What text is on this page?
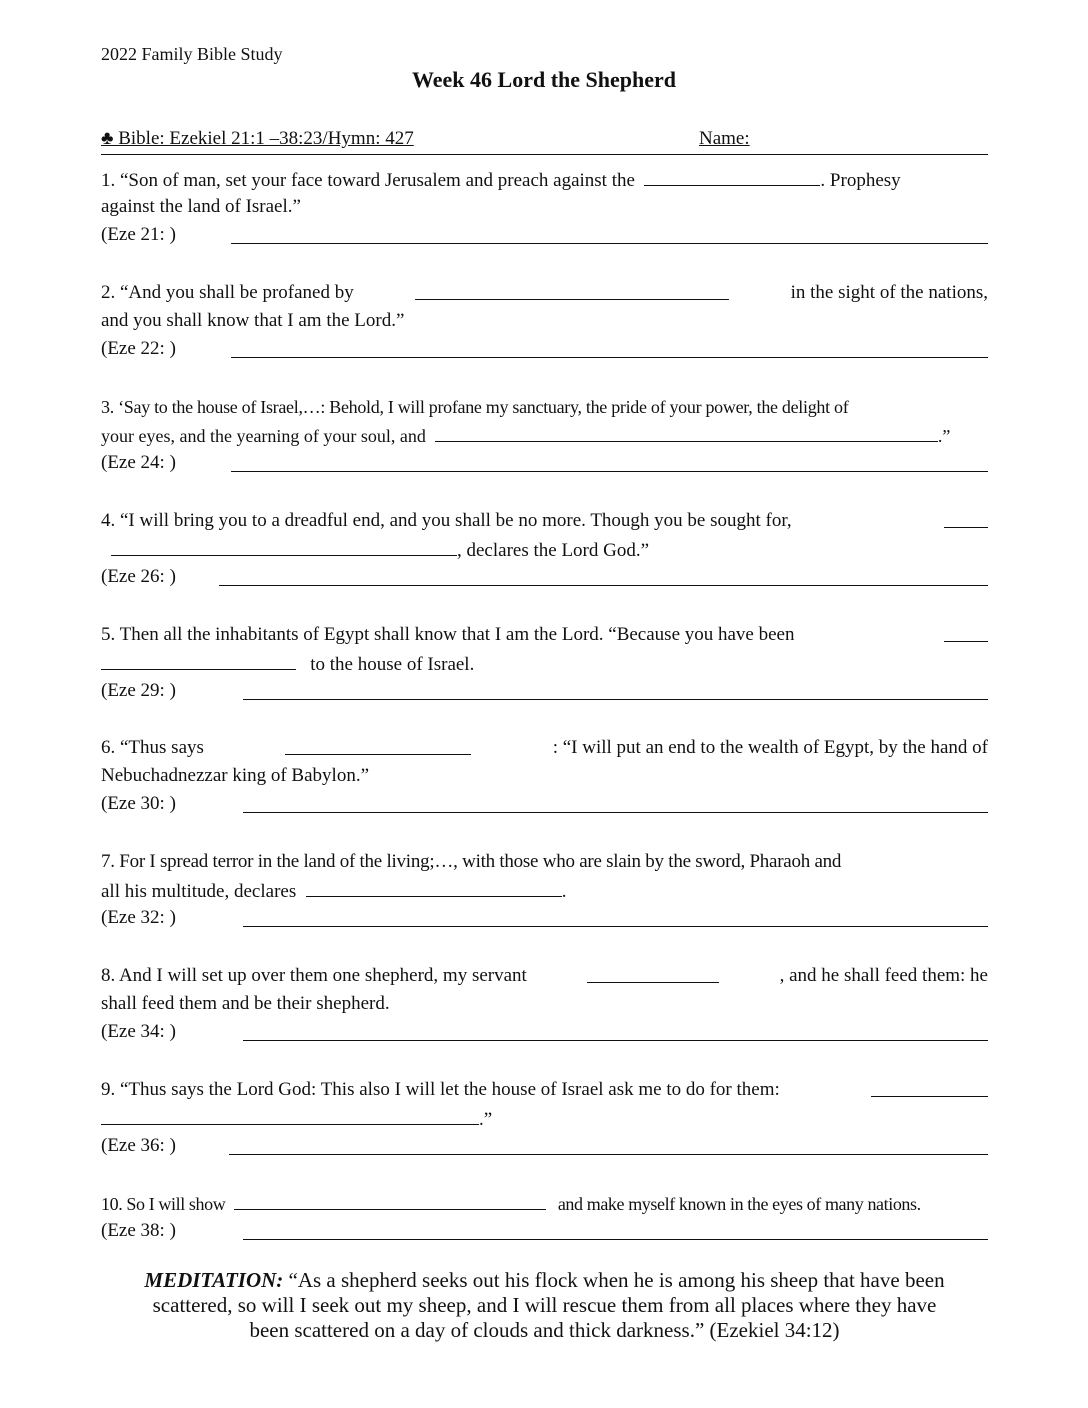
2022 Family Bible Study
Week 46 Lord the Shepherd
♣ Bible: Ezekiel 21:1 –38:23/Hymn: 427	Name:
1. “Son of man, set your face toward Jerusalem and preach against the	. Prophesy
against the land of Israel.”
(Eze 21: )
2. “And you shall be profaned by	in the sight of the nations,
and you shall know that I am the Lord.”
(Eze 22: )
3. ‘Say to the house of Israel,…: Behold, I will profane my sanctuary, the pride of your power, the delight of
your eyes, and the yearning of your soul, and	.”
(Eze 24: )
4. “I will bring you to a dreadful end, and you shall be no more. Though you be sought for,
, declares the Lord God.”
(Eze 26: )
5. Then all the inhabitants of Egypt shall know that I am the Lord. “Because you have been
to the house of Israel.
(Eze 29: )
6. “Thus says	: “I will put an end to the wealth of Egypt, by the hand of
Nebuchadnezzar king of Babylon.”
(Eze 30: )
7. For I spread terror in the land of the living;…, with those who are slain by the sword, Pharaoh and
all his multitude, declares	.
(Eze 32: )
8. And I will set up over them one shepherd, my servant	, and he shall feed them: he
shall feed them and be their shepherd.
(Eze 34: )
9. “Thus says the Lord God: This also I will let the house of Israel ask me to do for them:
.”
(Eze 36: )
10. So I will show	and make myself known in the eyes of many nations.
(Eze 38: )
MEDITATION: “As a shepherd seeks out his flock when he is among his sheep that have been
scattered, so will I seek out my sheep, and I will rescue them from all places where they have
been scattered on a day of clouds and thick darkness.” (Ezekiel 34:12)
